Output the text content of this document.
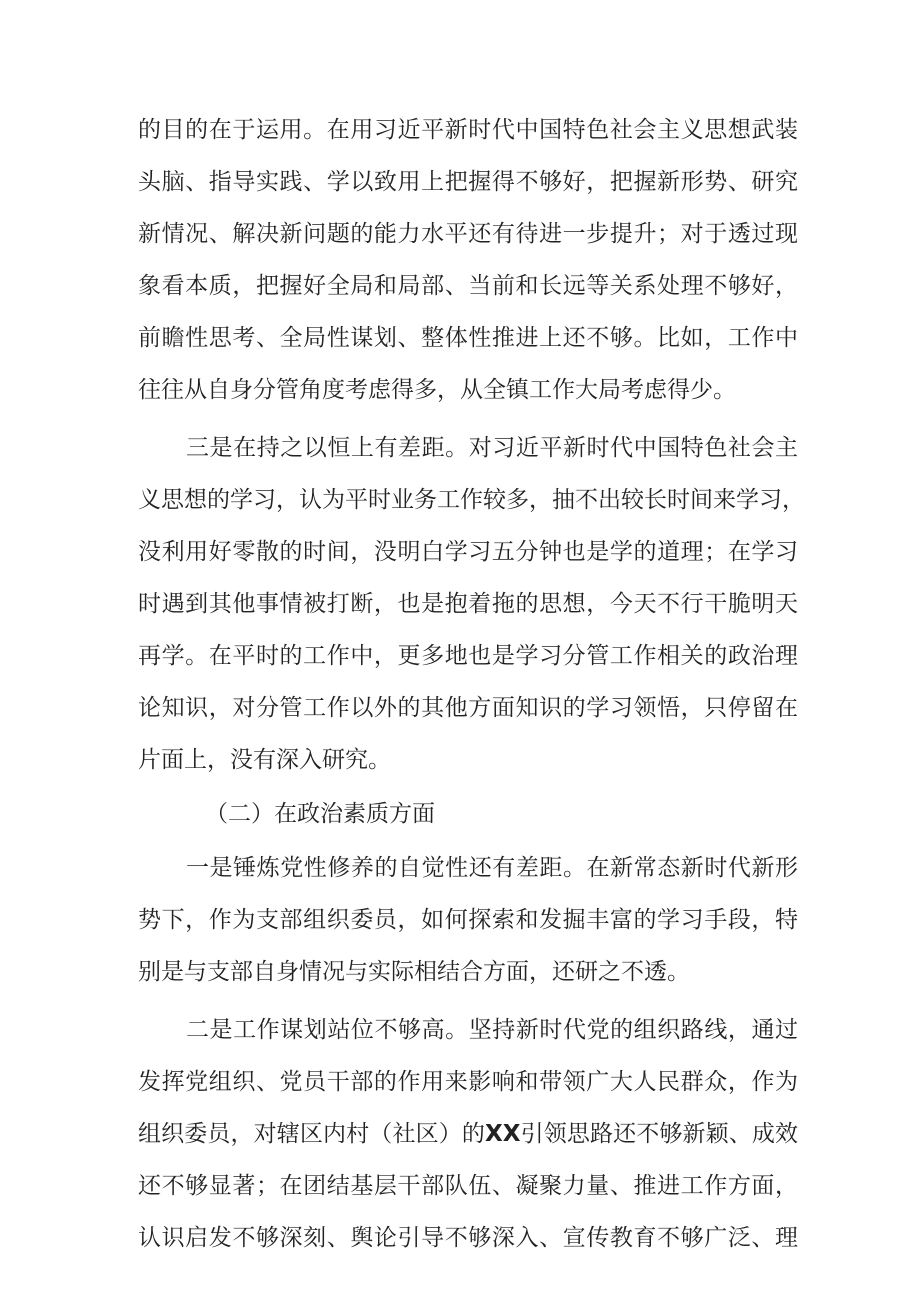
的目的在于运用。在用习近平新时代中国特色社会主义思想武装
头脑、指导实践、学以致用上把握得不够好，把握新形势、研究
新情况、解决新问题的能力水平还有待进一步提升；对于透过现
象看本质，把握好全局和局部、当前和长远等关系处理不够好，
前瞻性思考、全局性谋划、整体性推进上还不够。比如，工作中
往往从自身分管角度考虑得多，从全镇工作大局考虑得少。
三是在持之以恒上有差距。对习近平新时代中国特色社会主
义思想的学习，认为平时业务工作较多，抽不出较长时间来学习，
没利用好零散的时间，没明白学习五分钟也是学的道理；在学习
时遇到其他事情被打断，也是抱着拖的思想，今天不行干脆明天
再学。在平时的工作中，更多地也是学习分管工作相关的政治理
论知识，对分管工作以外的其他方面知识的学习领悟，只停留在
片面上，没有深入研究。
（二）在政治素质方面
一是锤炼党性修养的自觉性还有差距。在新常态新时代新形
势下，作为支部组织委员，如何探索和发掘丰富的学习手段，特
别是与支部自身情况与实际相结合方面，还研之不透。
二是工作谋划站位不够高。坚持新时代党的组织路线，通过
发挥党组织、党员干部的作用来影响和带领广大人民群众，作为
组织委员，对辖区内村（社区）的XX引领思路还不够新颖、成效
还不够显著；在团结基层干部队伍、凝聚力量、推进工作方面，
认识启发不够深刻、舆论引导不够深入、宣传教育不够广泛、理
